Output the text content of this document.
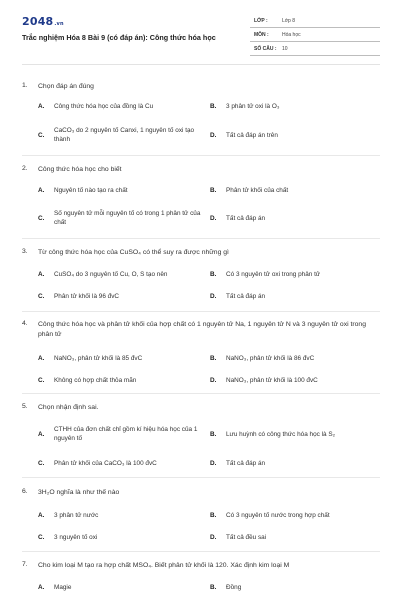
2048.vn
Trắc nghiệm Hóa 8 Bài 9 (có đáp án): Công thức hóa học
LỚP :	Lớp 8
MÔN :	Hóa học
SỐ CÂU :	10
1. Chọn đáp án đúng
A. Công thức hóa học của đồng là Cu	B. 3 phân tử oxi là O₃
C.
CaCO₃ do 2 nguyên tố Canxi, 1 nguyên tố oxi tạo thành
D. Tất cả đáp án trên
2. Công thức hóa học cho biết
A. Nguyên tố nào tạo ra chất	B. Phân tử khối của chất
C.
Số nguyên tử mỗi nguyên tố có trong 1 phân tử của chất
D. Tất cả đáp án
3. Từ công thức hóa học của CuSO₄ có thể suy ra được những gì
A. CuSO₄ do 3 nguyên tố Cu, O, S tạo nên	B. Có 3 nguyên tử oxi trong phân tử
C. Phân tử khối là 96 đvC	D. Tất cả đáp án
4. Công thức hóa học và phân tử khối của hợp chất có 1 nguyên tử Na, 1 nguyên tử N và 3 nguyên tử oxi trong phân tử
A. NaNO₃, phân tử khối là 85 đvC	B. NaNO₃, phân tử khối là 86 đvC
C. Không có hợp chất thỏa mãn	D. NaNO₃, phân tử khối là 100 đvC
5. Chọn nhận định sai.
A.
CTHH của đơn chất chỉ gồm kí hiệu hóa học của 1 nguyên tố
B. Lưu huỳnh có công thức hóa học là S₂
C. Phân tử khối của CaCO₃ là 100 đvC	D. Tất cả đáp án
6. 3H₂O nghĩa là như thế nào
A. 3 phân tử nước	B. Có 3 nguyên tố nước trong hợp chất
C. 3 nguyên tố oxi	D. Tất cả đều sai
7. Cho kim loại M tạo ra hợp chất MSO₄. Biết phân tử khối là 120. Xác định kim loại M
A. Magie	B. Đồng
